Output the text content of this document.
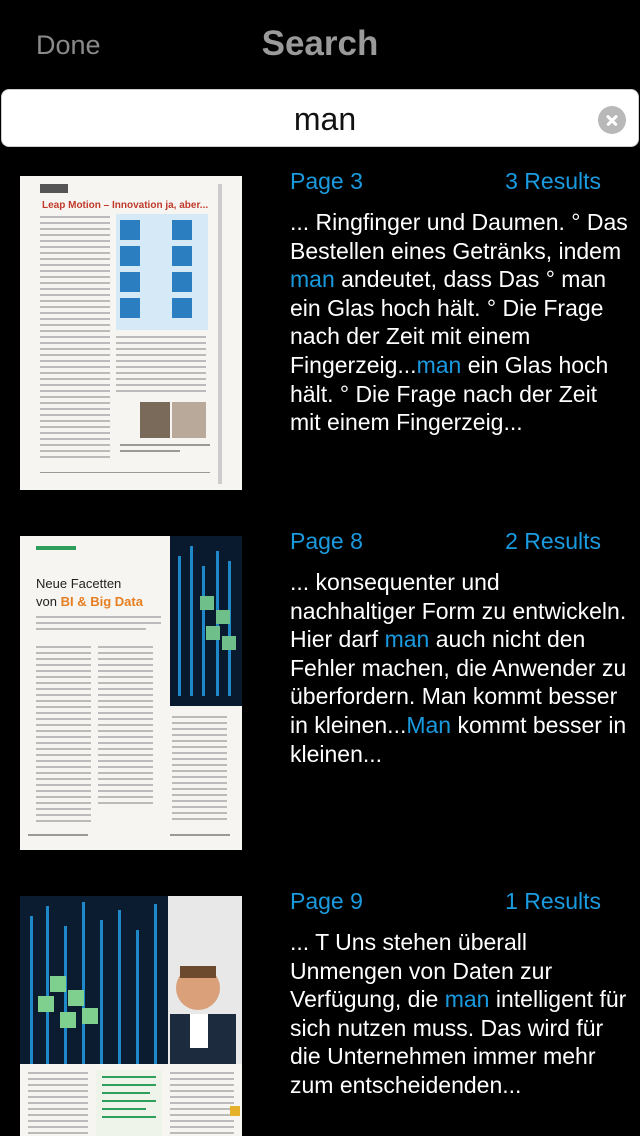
Done	Search
man
Leap Motion – Innovation ja, aber...
Page 3	3 Results
... Ringfinger und Daumen. ° Das Bestellen eines Getränks, indem man andeutet, dass Das ° man ein Glas hoch hält. ° Die Frage nach der Zeit mit einem Fingerzeig...man ein Glas hoch hält. ° Die Frage nach der Zeit mit einem Fingerzeig...
Neue Facetten
von BI & Big Data
Page 8	2 Results
... konsequenter und nachhaltiger Form zu entwickeln. Hier darf man auch nicht den Fehler machen, die Anwender zu überfordern. Man kommt besser in kleinen...Man kommt besser in kleinen...
Page 9	1 Results
... T Uns stehen überall Unmengen von Daten zur Verfügung, die man intelligent für sich nutzen muss. Das wird für die Unternehmen immer mehr zum entscheidenden...
